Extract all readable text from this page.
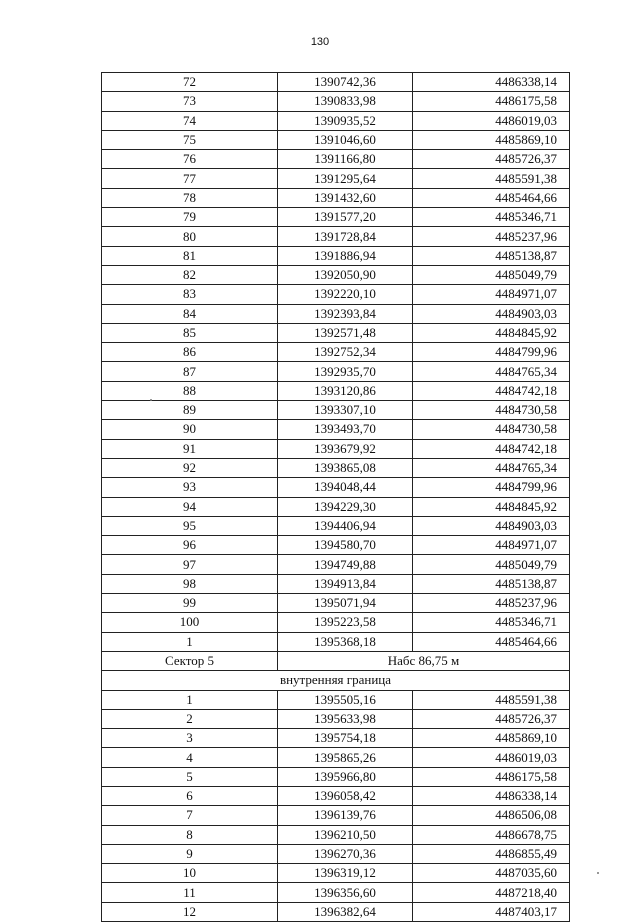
130
72	1390742,36	4486338,14
73	1390833,98	4486175,58
74	1390935,52	4486019,03
75	1391046,60	4485869,10
76	1391166,80	4485726,37
77	1391295,64	4485591,38
78	1391432,60	4485464,66
79	1391577,20	4485346,71
80	1391728,84	4485237,96
81	1391886,94	4485138,87
82	1392050,90	4485049,79
83	1392220,10	4484971,07
84	1392393,84	4484903,03
85	1392571,48	4484845,92
86	1392752,34	4484799,96
87	1392935,70	4484765,34
88	1393120,86	4484742,18
89	1393307,10	4484730,58
90	1393493,70	4484730,58
91	1393679,92	4484742,18
92	1393865,08	4484765,34
93	1394048,44	4484799,96
94	1394229,30	4484845,92
95	1394406,94	4484903,03
96	1394580,70	4484971,07
97	1394749,88	4485049,79
98	1394913,84	4485138,87
99	1395071,94	4485237,96
100	1395223,58	4485346,71
1	1395368,18	4485464,66
Сектор 5	Набс 86,75 м	
внутренняя граница		
1	1395505,16	4485591,38
2	1395633,98	4485726,37
3	1395754,18	4485869,10
4	1395865,26	4486019,03
5	1395966,80	4486175,58
6	1396058,42	4486338,14
7	1396139,76	4486506,08
8	1396210,50	4486678,75
9	1396270,36	4486855,49
10	1396319,12	4487035,60
11	1396356,60	4487218,40
12	1396382,64	4487403,17
